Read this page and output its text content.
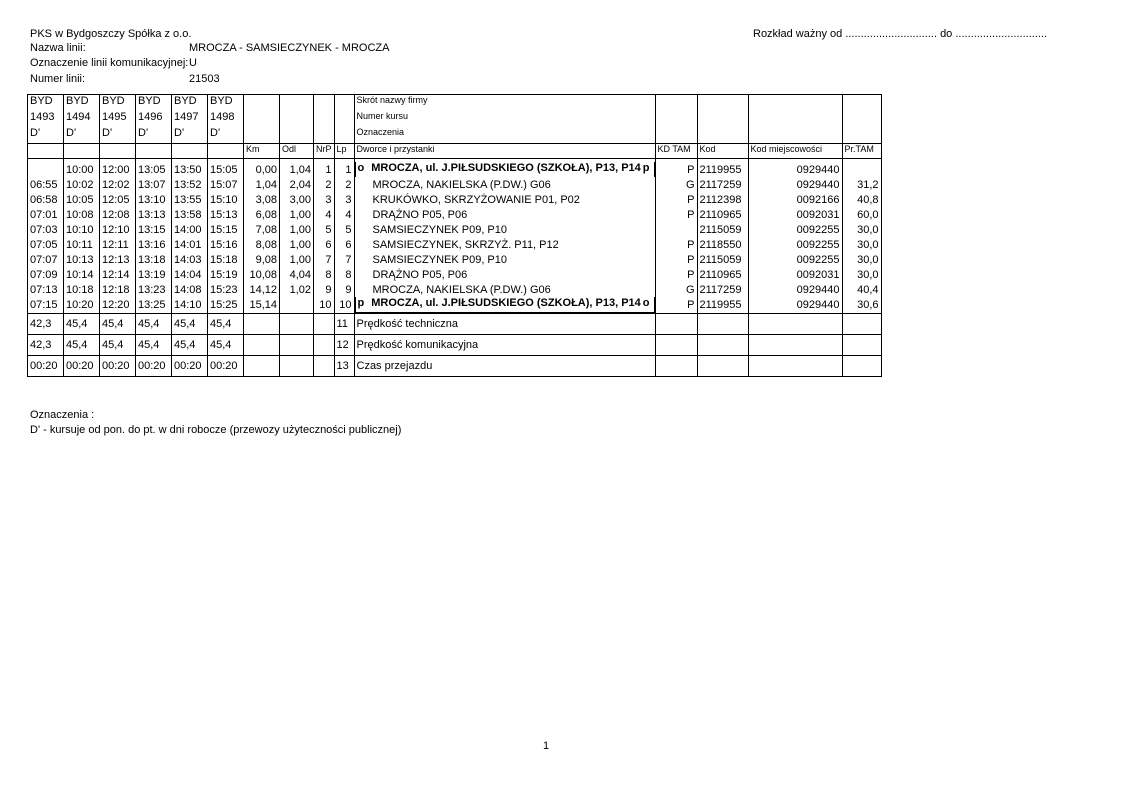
PKS w Bydgoszczy Spółka z o.o.	Rozkład ważny od .............................. do ..............................
Nazwa linii:	MROCZA - SAMSIECZYNEK - MROCZA
Oznaczenie linii komunikacyjnej: U
Numer linii:	21503
BYD	BYD	BYD	BYD	BYD	BYD					Skrót nazwy firmy				
1493	1494	1495	1496	1497	1498					Numer kursu				
D'	D'	D'	D'	D'	D'					Oznaczenia				
						Km	Odl	NrP	Lp	Dworce i przystanki	KD TAM	Kod	Kod miejscowości	Pr.TAM

	10:00	12:00	13:05	13:50	15:05	0,00	1,04	1	1	o MROCZA, ul. J.PIŁSUDSKIEGO (SZKOŁA), P13, P14 p	P	2119955	0929440	
06:55	10:02	12:02	13:07	13:52	15:07	1,04	2,04	2	2	MROCZA, NAKIELSKA (P.DW.) G06	G	2117259	0929440	31,2
06:58	10:05	12:05	13:10	13:55	15:10	3,08	3,00	3	3	KRUKÓWKO, SKRZYŻOWANIE P01, P02	P	2112398	0092166	40,8
07:01	10:08	12:08	13:13	13:58	15:13	6,08	1,00	4	4	DRĄŻNO P05, P06	P	2110965	0092031	60,0
07:03	10:10	12:10	13:15	14:00	15:15	7,08	1,00	5	5	SAMSIECZYNEK P09, P10		2115059	0092255	30,0
07:05	10:11	12:11	13:16	14:01	15:16	8,08	1,00	6	6	SAMSIECZYNEK, SKRZYŻ. P11, P12	P	2118550	0092255	30,0
07:07	10:13	12:13	13:18	14:03	15:18	9,08	1,00	7	7	SAMSIECZYNEK P09, P10	P	2115059	0092255	30,0
07:09	10:14	12:14	13:19	14:04	15:19	10,08	4,04	8	8	DRĄŻNO P05, P06	P	2110965	0092031	30,0
07:13	10:18	12:18	13:23	14:08	15:23	14,12	1,02	9	9	MROCZA, NAKIELSKA (P.DW.) G06	G	2117259	0929440	40,4
07:15	10:20	12:20	13:25	14:10	15:25	15,14		10	10	p MROCZA, ul. J.PIŁSUDSKIEGO (SZKOŁA), P13, P14 o	P	2119955	0929440	30,6
42,3	45,4	45,4	45,4	45,4	45,4				11	Prędkość techniczna				
42,3	45,4	45,4	45,4	45,4	45,4				12	Prędkość komunikacyjna				
00:20	00:20	00:20	00:20	00:20	00:20				13	Czas przejazdu				
Oznaczenia :
D' - kursuje od pon. do pt. w dni robocze (przewozy użyteczności publicznej)
1
